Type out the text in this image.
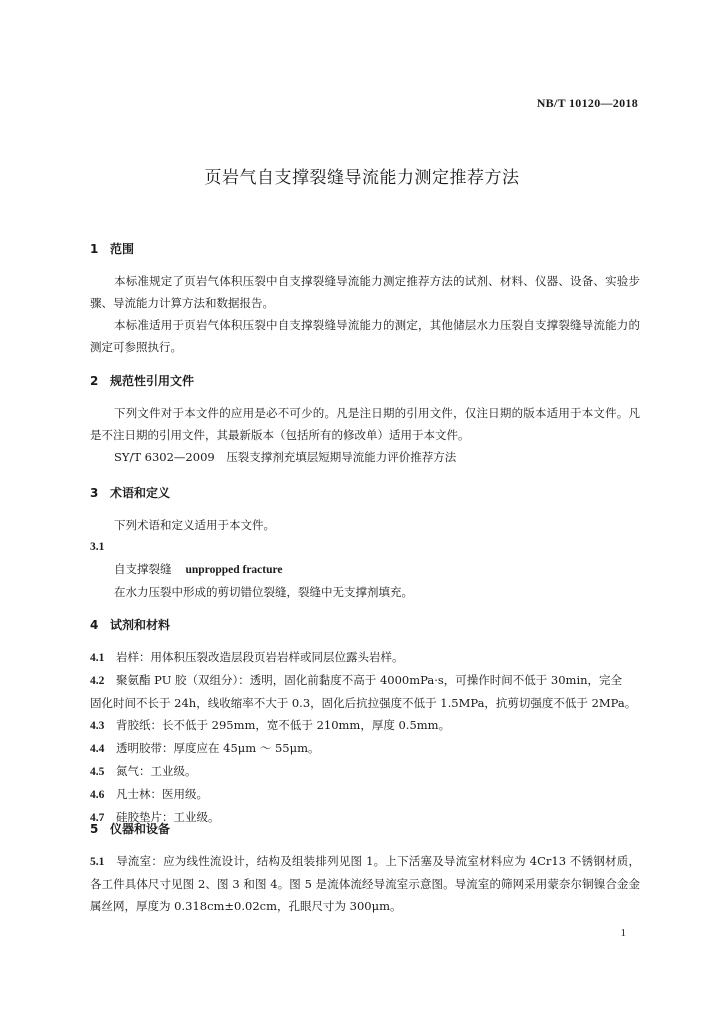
NB/T 10120—2018
页岩气自支撑裂缝导流能力测定推荐方法
1 范围
本标准规定了页岩气体积压裂中自支撑裂缝导流能力测定推荐方法的试剂、材料、仪器、设备、实验步骤、导流能力计算方法和数据报告。
本标准适用于页岩气体积压裂中自支撑裂缝导流能力的测定，其他储层水力压裂自支撑裂缝导流能力的测定可参照执行。
2 规范性引用文件
下列文件对于本文件的应用是必不可少的。凡是注日期的引用文件，仅注日期的版本适用于本文件。凡是不注日期的引用文件，其最新版本（包括所有的修改单）适用于本文件。
SY/T 6302—2009　压裂支撑剂充填层短期导流能力评价推荐方法
3 术语和定义
下列术语和定义适用于本文件。
3.1
自支撑裂缝 unpropped fracture
在水力压裂中形成的剪切错位裂缝，裂缝中无支撑剂填充。
4 试剂和材料
4.1 岩样：用体积压裂改造层段页岩岩样或同层位露头岩样。
4.2 聚氨酯 PU 胶（双组分）：透明，固化前黏度不高于 4000mPa·s，可操作时间不低于 30min，完全
固化时间不长于 24h，线收缩率不大于 0.3，固化后抗拉强度不低于 1.5MPa，抗剪切强度不低于 2MPa。
4.3 背胶纸：长不低于 295mm，宽不低于 210mm，厚度 0.5mm。
4.4 透明胶带：厚度应在 45μm ～ 55μm。
4.5 氮气：工业级。
4.6 凡士林：医用级。
4.7 硅胶垫片：工业级。
5 仪器和设备
5.1 导流室：应为线性流设计，结构及组装排列见图 1。上下活塞及导流室材料应为 4Cr13 不锈钢材质，各工件具体尺寸见图 2、图 3 和图 4。图 5 是流体流经导流室示意图。导流室的筛网采用蒙奈尔铜镍合金金属丝网，厚度为 0.318cm±0.02cm，孔眼尺寸为 300μm。
1
